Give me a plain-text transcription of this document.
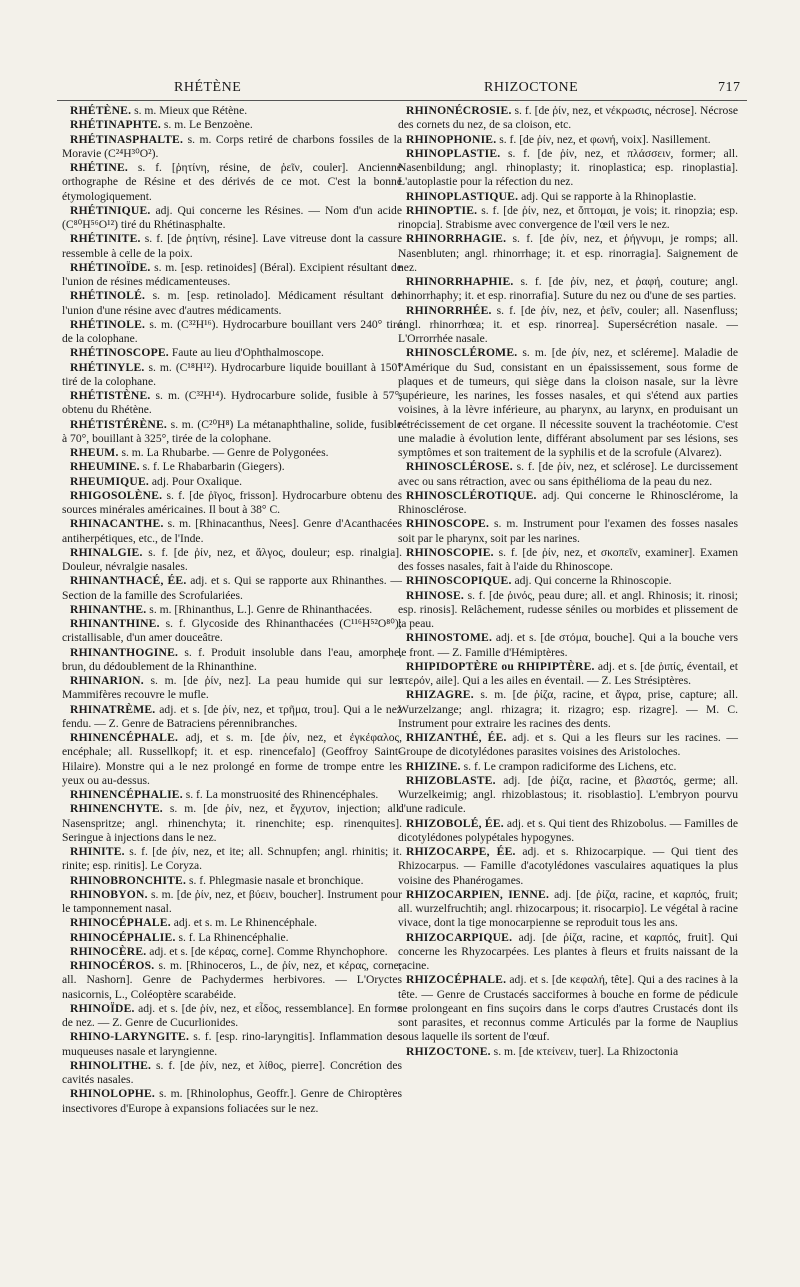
RHÉTÈNE	RHIZOCTONE	717

RHÉTÈNE. s. m. Mieux que Rétène.

RHÉTINAPHTE. s. m. Le Benzoène.

RHÉTINASPHALTE. s. m. Corps retiré de charbons fossiles de la Moravie (C²⁴H³⁰O²).

RHÉTINE. s. f. [ῥητίνη, résine, de ῥεῖν, couler]. Ancienne orthographe de Résine et des dérivés de ce mot. C'est la bonne étymologiquement.

RHÉTINIQUE. adj. Qui concerne les Résines. — Nom d'un acide (C⁸⁰H⁵⁶O¹²) tiré du Rhétinasphalte.

RHÉTINITE. s. f. [de ῥητίνη, résine]. Lave vitreuse dont la cassure ressemble à celle de la poix.

RHÉTINOÏDE. s. m. [esp. retinoides] (Béral). Excipient résultant de l'union de résines médicamenteuses.

RHÉTINOLÉ. s. m. [esp. retinolado]. Médicament résultant de l'union d'une résine avec d'autres médicaments.

RHÉTINOLE. s. m. (C³²H¹⁶). Hydrocarbure bouillant vers 240° tiré de la colophane.

RHÉTINOSCOPE. Faute au lieu d'Ophthalmoscope.

RHÉTINYLE. s. m. (C¹⁸H¹²). Hydrocarbure liquide bouillant à 150° tiré de la colophane.

RHÉTISTÈNE. s. m. (C³²H¹⁴). Hydrocarbure solide, fusible à 57°, obtenu du Rhétène.

RHÉTISTÉRÈNE. s. m. (C²⁰H⁸) La métanaphthaline, solide, fusible à 70°, bouillant à 325°, tirée de la colophane.

RHEUM. s. m. La Rhubarbe. — Genre de Polygonées.

RHEUMINE. s. f. Le Rhabarbarin (Giegers).

RHEUMIQUE. adj. Pour Oxalique.

RHIGOSOLÈNE. s. f. [de ῥῖγος, frisson]. Hydrocarbure obtenu des sources minérales américaines. Il bout à 38° C.

RHINACANTHE. s. m. [Rhinacanthus, Nees]. Genre d'Acanthacées antiherpétiques, etc., de l'Inde.

RHINALGIE. s. f. [de ῥίν, nez, et ἄλγος, douleur; esp. rinalgia]. Douleur, névralgie nasales.

RHINANTHACÉ, ÉE. adj. et s. Qui se rapporte aux Rhinanthes. — Section de la famille des Scrofulariées.

RHINANTHE. s. m. [Rhinanthus, L.]. Genre de Rhinanthacées.

RHINANTHINE. s. f. Glycoside des Rhinanthacées (C¹¹⁶H⁵²O⁸⁰); cristallisable, d'un amer douceâtre.

RHINANTHOGINE. s. f. Produit insoluble dans l'eau, amorphe, brun, du dédoublement de la Rhinanthine.

RHINARION. s. m. [de ῥίν, nez]. La peau humide qui sur les Mammifères recouvre le mufle.

RHINATRÈME. adj. et s. [de ῥίν, nez, et τρῆμα, trou]. Qui a le nez fendu. — Z. Genre de Batraciens pérennibranches.

RHINENCÉPHALE. adj, et s. m. [de ῥίν, nez, et ἐγκέφαλος, encéphale; all. Russellkopf; it. et esp. rinencefalo] (Geoffroy Saint-Hilaire). Monstre qui a le nez prolongé en forme de trompe entre les yeux ou au-dessus.

RHINENCÉPHALIE. s. f. La monstruosité des Rhinencéphales.

RHINENCHYTE. s. m. [de ῥίν, nez, et ἔγχυτον, injection; all. Nasenspritze; angl. rhinenchyta; it. rinenchite; esp. rinenquites]. Seringue à injections dans le nez.

RHINITE. s. f. [de ῥίν, nez, et ite; all. Schnupfen; angl. rhinitis; it. rinite; esp. rinitis]. Le Coryza.

RHINOBRONCHITE. s. f. Phlegmasie nasale et bronchique.

RHINOBYON. s. m. [de ῥίν, nez, et βύειν, boucher]. Instrument pour le tamponnement nasal.

RHINOCÉPHALE. adj. et s. m. Le Rhinencéphale.

RHINOCÉPHALIE. s. f. La Rhinencéphalie.

RHINOCÈRE. adj. et s. [de κέρας, corne]. Comme Rhynchophore.

RHINOCÉROS. s. m. [Rhinoceros, L., de ῥίν, nez, et κέρας, corne; all. Nashorn]. Genre de Pachydermes herbivores. — L'Oryctes nasicornis, L., Coléoptère scarabéide.

RHINOÏDE. adj. et s. [de ῥίν, nez, et εἶδος, ressemblance]. En forme de nez. — Z. Genre de Cucurlionides.

RHINO-LARYNGITE. s. f. [esp. rino-laryngitis]. Inflammation des muqueuses nasale et laryngienne.

RHINOLITHE. s. f. [de ῥίν, nez, et λίθος, pierre]. Concrétion des cavités nasales.

RHINOLOPHE. s. m. [Rhinolophus, Geoffr.]. Genre de Chiroptères insectivores d'Europe à expansions foliacées sur le nez.

RHINONÉCROSIE. s. f. [de ῥίν, nez, et νέκρωσις, nécrose]. Nécrose des cornets du nez, de sa cloison, etc.

RHINOPHONIE. s. f. [de ῥίν, nez, et φωνή, voix]. Nasillement.

RHINOPLASTIE. s. f. [de ῥίν, nez, et πλάσσειν, former; all. Nasenbildung; angl. rhinoplasty; it. rinoplastica; esp. rinoplastia]. L'autoplastie pour la réfection du nez.

RHINOPLASTIQUE. adj. Qui se rapporte à la Rhinoplastie.

RHINOPTIE. s. f. [de ῥίν, nez, et ὄπτομαι, je vois; it. rinopzia; esp. rinopcia]. Strabisme avec convergence de l'œil vers le nez.

RHINORRHAGIE. s. f. [de ῥίν, nez, et ῥήγνυμι, je romps; all. Nasenbluten; angl. rhinorrhage; it. et esp. rinorragia]. Saignement de nez.

RHINORRHAPHIE. s. f. [de ῥίν, nez, et ῥαφή, couture; angl. rhinorrhaphy; it. et esp. rinorrafia]. Suture du nez ou d'une de ses parties.

RHINORRHÉE. s. f. [de ῥίν, nez, et ῥεῖν, couler; all. Nasenfluss; angl. rhinorrhœa; it. et esp. rinorrea]. Supersécrétion nasale. — L'Orrorrhée nasale.

RHINOSCLÉROME. s. m. [de ῥίν, nez, et scléreme]. Maladie de l'Amérique du Sud, consistant en un épaississement, sous forme de plaques et de tumeurs, qui siège dans la cloison nasale, sur la lèvre supérieure, les narines, les fosses nasales, et qui s'étend aux parties voisines, à la lèvre inférieure, au pharynx, au larynx, en produisant un rétrécissement de cet organe. Il nécessite souvent la trachéotomie. C'est une maladie à évolution lente, différant absolument par ses lésions, ses symptômes et son traitement de la syphilis et de la scrofule (Alvarez).

RHINOSCLÉROSE. s. f. [de ῥίν, nez, et sclérose]. Le durcissement avec ou sans rétraction, avec ou sans épithélioma de la peau du nez.

RHINOSCLÉROTIQUE. adj. Qui concerne le Rhinosclérome, la Rhinosclérose.

RHINOSCOPE. s. m. Instrument pour l'examen des fosses nasales soit par le pharynx, soit par les narines.

RHINOSCOPIE. s. f. [de ῥίν, nez, et σκοπεῖν, examiner]. Examen des fosses nasales, fait à l'aide du Rhinoscope.

RHINOSCOPIQUE. adj. Qui concerne la Rhinoscopie.

RHINOSE. s. f. [de ῥινός, peau dure; all. et angl. Rhinosis; it. rinosi; esp. rinosis]. Relâchement, rudesse séniles ou morbides et plissement de la peau.

RHINOSTOME. adj. et s. [de στόμα, bouche]. Qui a la bouche vers le front. — Z. Famille d'Hémiptères.

RHIPIDOPTÈRE ou RHIPIPTÈRE. adj. et s. [de ῥιπίς, éventail, et πτερόν, aile]. Qui a les ailes en éventail. — Z. Les Strésiptères.

RHIZAGRE. s. m. [de ῥίζα, racine, et ἄγρα, prise, capture; all. Wurzelzange; angl. rhizagra; it. rizagro; esp. rizagre]. — M. C. Instrument pour extraire les racines des dents.

RHIZANTHÉ, ÉE. adj. et s. Qui a les fleurs sur les racines. — Groupe de dicotylédones parasites voisines des Aristoloches.

RHIZINE. s. f. Le crampon radiciforme des Lichens, etc.

RHIZOBLASTE. adj. [de ῥίζα, racine, et βλαστός, germe; all. Wurzelkeimig; angl. rhizoblastous; it. risoblastio]. L'embryon pourvu d'une radicule.

RHIZOBOLÉ, ÉE. adj. et s. Qui tient des Rhizobolus. — Familles de dicotylédones polypétales hypogynes.

RHIZOCARPE, ÉE. adj. et s. Rhizocarpique. — Qui tient des Rhizocarpus. — Famille d'acotylédones vasculaires aquatiques la plus voisine des Phanérogames.

RHIZOCARPIEN, IENNE. adj. [de ῥίζα, racine, et καρπός, fruit; all. wurzelfruchtih; angl. rhizocarpous; it. risocarpio]. Le végétal à racine vivace, dont la tige monocarpienne se reproduit tous les ans.

RHIZOCARPIQUE. adj. [de ῥίζα, racine, et καρπός, fruit]. Qui concerne les Rhyzocarpées. Les plantes à fleurs et fruits naissant de la racine.

RHIZOCÉPHALE. adj. et s. [de κεφαλή, tête]. Qui a des racines à la tête. — Genre de Crustacés sacciformes à bouche en forme de pédicule se prolongeant en fins suçoirs dans le corps d'autres Crustacés dont ils sont parasites, et reconnus comme Articulés par la forme de Nauplius sous laquelle ils sortent de l'œuf.

RHIZOCTONE. s. m. [de κτείνειν, tuer]. La Rhizoctonia
